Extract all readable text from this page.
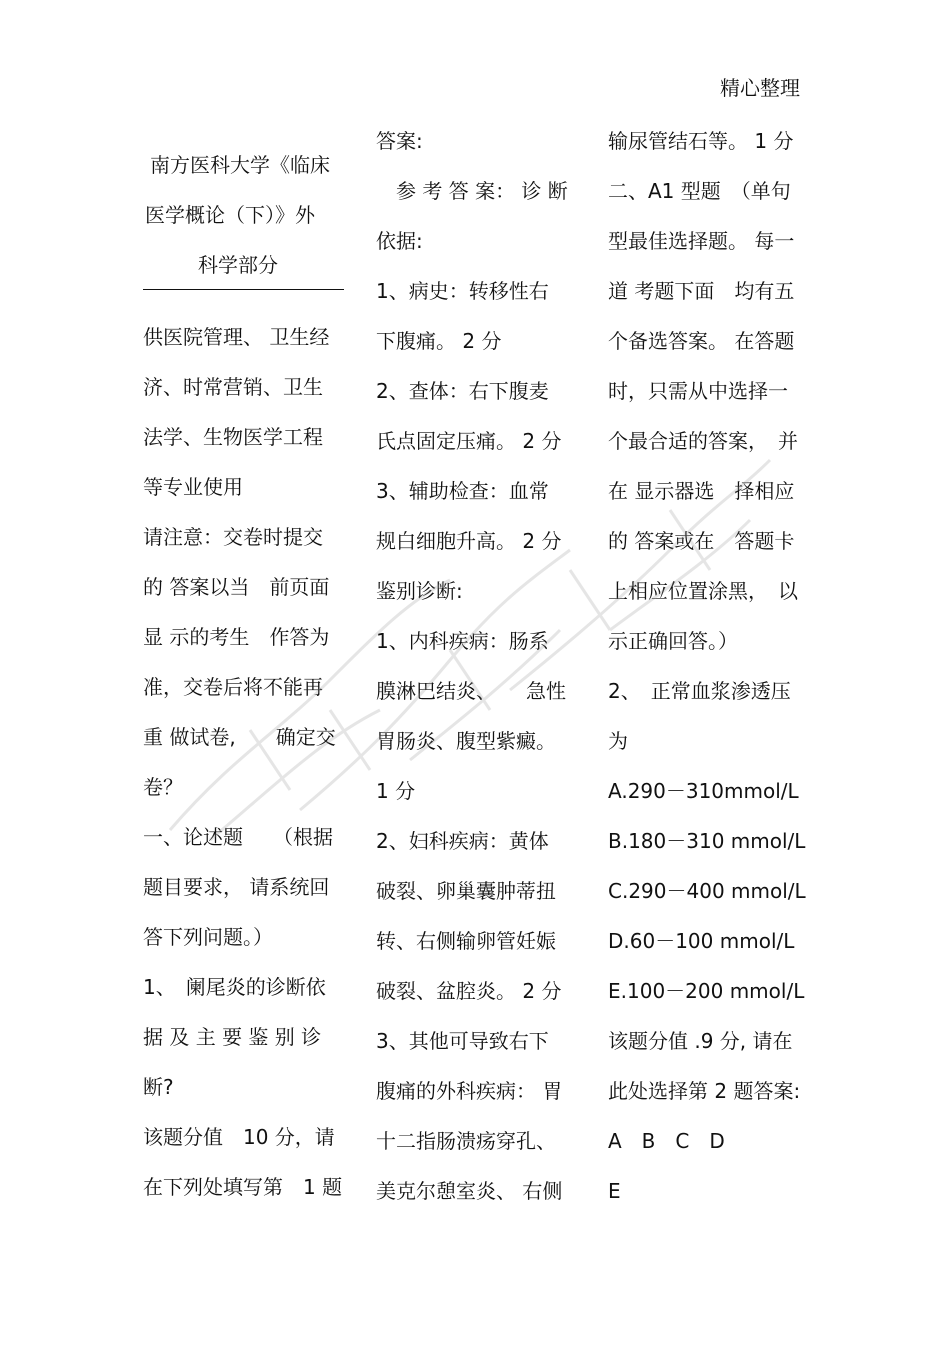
精心整理
南方医科大学《临床
医学概论（下）》外
科学部分
供医院管理、 卫生经
济、时常营销、卫生
法学、生物医学工程
等专业使用
请注意：交卷时提交
的 答案以当　前页面
显 示的考生　作答为
准，交卷后将不能再
重 做试卷,　　确定交
卷？
一、论述题　　（根据
题目要求， 请系统回
答下列问题。）
1、　阑尾炎的诊断依
据 及 主 要 鉴 别 诊
断?
该题分值　10 分，请
在下列处填写第　1 题
答案:
　参 考 答 案： 诊 断
依据:
1、病史：转移性右
下腹痛。 2 分
2、查体：右下腹麦
氏点固定压痛。 2 分
3、辅助检查：血常
规白细胞升高。 2 分
鉴别诊断:
1、内科疾病：肠系
膜淋巴结炎、　　急性
胃肠炎、腹型紫癜。
1 分
2、妇科疾病：黄体
破裂、卵巢囊肿蒂扭
转、右侧输卵管妊娠
破裂、盆腔炎。 2 分
3、其他可导致右下
腹痛的外科疾病： 胃
十二指肠溃疡穿孔、
美克尔憩室炎、 右侧
输尿管结石等。 1 分
二、A1 型题　（单句
型最佳选择题。 每一
道 考题下面　均有五
个备选答案。 在答题
时，只需从中选择一
个最合适的答案，　并
在 显示器选　择相应
的 答案或在　答题卡
上相应位置涂黑，　以
示正确回答。）
2、　正常血浆渗透压
为
A.290－310mmol/L
B.180－310 mmol/L
C.290－400 mmol/L
D.60－100 mmol/L
E.100－200 mmol/L
该题分值 .9 分, 请在
此处选择第 2 题答案:
A　B　C　D
E
